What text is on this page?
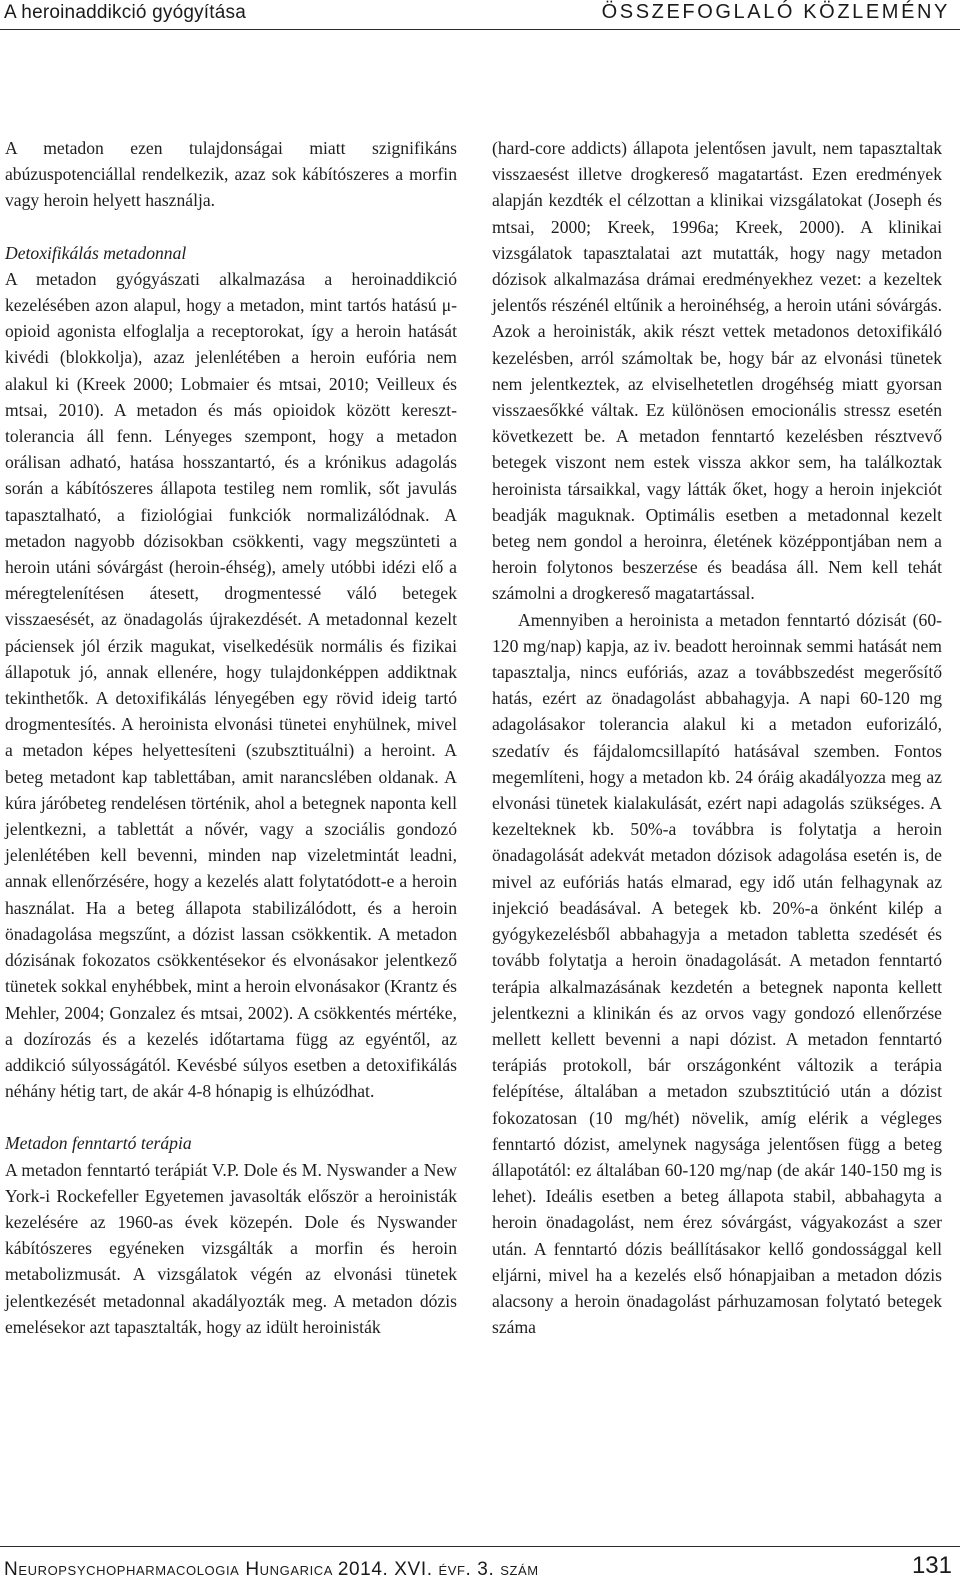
A heroinaddikció gyógyítása	ÖSSZEFOGLALÓ KÖZLEMÉNY

A metadon ezen tulajdonságai miatt szignifikáns abúzuspotenciállal rendelkezik, azaz sok kábítószeres a morfin vagy heroin helyett használja.

Detoxifikálás metadonnal

A metadon gyógyászati alkalmazása a heroinaddikció kezelésében azon alapul, hogy a metadon, mint tartós hatású μ-opioid agonista elfoglalja a receptorokat, így a heroin hatását kivédi (blokkolja), azaz jelenlétében a heroin eufória nem alakul ki (Kreek 2000; Lobmaier és mtsai, 2010; Veilleux és mtsai, 2010). A metadon és más opioidok között kereszt-tolerancia áll fenn. Lényeges szempont, hogy a metadon orálisan adható, hatása hosszantartó, és a krónikus adagolás során a kábítószeres állapota testileg nem romlik, sőt javulás tapasztalható, a fiziológiai funkciók normalizálódnak. A metadon nagyobb dózisokban csökkenti, vagy megszünteti a heroin utáni sóvárgást (heroin-éhség), amely utóbbi idézi elő a méregtelenítésen átesett, drogmentessé váló betegek visszaesését, az önadagolás újrakezdését. A metadonnal kezelt páciensek jól érzik magukat, viselkedésük normális és fizikai állapotuk jó, annak ellenére, hogy tulajdonképpen addiktnak tekinthetők. A detoxifikálás lényegében egy rövid ideig tartó drogmentesítés. A heroinista elvonási tünetei enyhülnek, mivel a metadon képes helyettesíteni (szubsztituálni) a heroint. A beteg metadont kap tablettában, amit narancslében oldanak. A kúra járóbeteg rendelésen történik, ahol a betegnek naponta kell jelentkezni, a tablettát a nővér, vagy a szociális gondozó jelenlétében kell bevenni, minden nap vizeletmintát leadni, annak ellenőrzésére, hogy a kezelés alatt folytatódott-e a heroin használat. Ha a beteg állapota stabilizálódott, és a heroin önadagolása megszűnt, a dózist lassan csökkentik. A metadon dózisának fokozatos csökkentésekor és elvonásakor jelentkező tünetek sokkal enyhébbek, mint a heroin elvonásakor (Krantz és Mehler, 2004; Gonzalez és mtsai, 2002). A csökkentés mértéke, a dozírozás és a kezelés időtartama függ az egyéntől, az addikció súlyosságától. Kevésbé súlyos esetben a detoxifikálás néhány hétig tart, de akár 4-8 hónapig is elhúzódhat.

Metadon fenntartó terápia

A metadon fenntartó terápiát V.P. Dole és M. Nyswander a New York-i Rockefeller Egyetemen javasolták először a heroinisták kezelésére az 1960-as évek közepén. Dole és Nyswander kábítószeres egyéneken vizsgálták a morfin és heroin metabolizmusát. A vizsgálatok végén az elvonási tünetek jelentkezését metadonnal akadályozták meg. A metadon dózis emelésekor azt tapasztalták, hogy az idült heroinisták

(hard-core addicts) állapota jelentősen javult, nem tapasztaltak visszaesést illetve drogkereső magatartást. Ezen eredmények alapján kezdték el célzottan a klinikai vizsgálatokat (Joseph és mtsai, 2000; Kreek, 1996a; Kreek, 2000). A klinikai vizsgálatok tapasztalatai azt mutatták, hogy nagy metadon dózisok alkalmazása drámai eredményekhez vezet: a kezeltek jelentős részénél eltűnik a heroinéhség, a heroin utáni sóvárgás. Azok a heroinisták, akik részt vettek metadonos detoxifikáló kezelésben, arról számoltak be, hogy bár az elvonási tünetek nem jelentkeztek, az elviselhetetlen drogéhség miatt gyorsan visszaesőkké váltak. Ez különösen emocionális stressz esetén következett be. A metadon fenntartó kezelésben résztvevő betegek viszont nem estek vissza akkor sem, ha találkoztak heroinista társaikkal, vagy látták őket, hogy a heroin injekciót beadják maguknak. Optimális esetben a metadonnal kezelt beteg nem gondol a heroinra, életének középpontjában nem a heroin folytonos beszerzése és beadása áll. Nem kell tehát számolni a drogkereső magatartással.

Amennyiben a heroinista a metadon fenntartó dózisát (60-120 mg/nap) kapja, az iv. beadott heroinnak semmi hatását nem tapasztalja, nincs eufóriás, azaz a továbbszedést megerősítő hatás, ezért az önadagolást abbahagyja. A napi 60-120 mg adagolásakor tolerancia alakul ki a metadon euforizáló, szedatív és fájdalomcsillapító hatásával szemben. Fontos megemlíteni, hogy a metadon kb. 24 óráig akadályozza meg az elvonási tünetek kialakulását, ezért napi adagolás szükséges. A kezelteknek kb. 50%-a továbbra is folytatja a heroin önadagolását adekvát metadon dózisok adagolása esetén is, de mivel az eufóriás hatás elmarad, egy idő után felhagynak az injekció beadásával. A betegek kb. 20%-a önként kilép a gyógykezelésből abbahagyja a metadon tabletta szedését és tovább folytatja a heroin önadagolását. A metadon fenntartó terápia alkalmazásának kezdetén a betegnek naponta kellett jelentkezni a klinikán és az orvos vagy gondozó ellenőrzése mellett kellett bevenni a napi dózist. A metadon fenntartó terápiás protokoll, bár országonként változik a terápia felépítése, általában a metadon szubsztitúció után a dózist fokozatosan (10 mg/hét) növelik, amíg elérik a végleges fenntartó dózist, amelynek nagysága jelentősen függ a beteg állapotától: ez általában 60-120 mg/nap (de akár 140-150 mg is lehet). Ideális esetben a beteg állapota stabil, abbahagyta a heroin önadagolást, nem érez sóvárgást, vágyakozást a szer után. A fenntartó dózis beállításakor kellő gondossággal kell eljárni, mivel ha a kezelés első hónapjaiban a metadon dózis alacsony a heroin önadagolást párhuzamosan folytató betegek száma

Neuropsychopharmacologia Hungarica 2014. XVI. évf. 3. szám	131
